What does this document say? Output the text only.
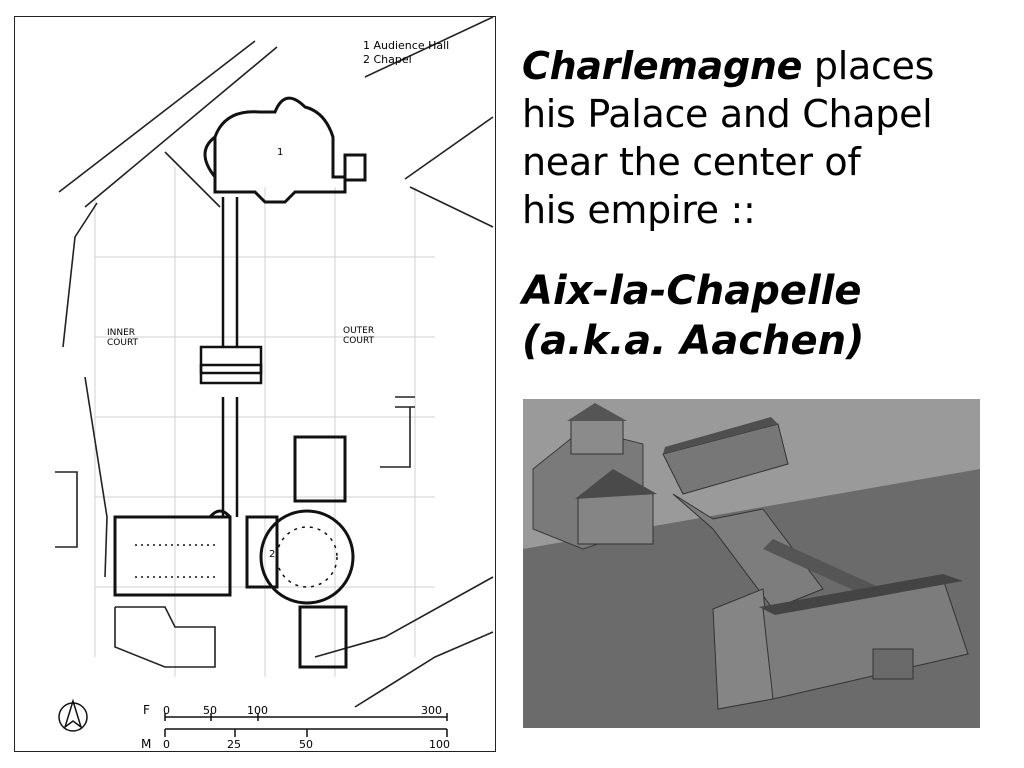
1 Audience Hall
2 Chapel
INNER
COURT
OUTER
COURT
1
2
F 0	50	100	300
M 0	25	50	100
Charlemagne places
his Palace and Chapel
near the center of
his empire ::
Aix-la-Chapelle
(a.k.a. Aachen)
